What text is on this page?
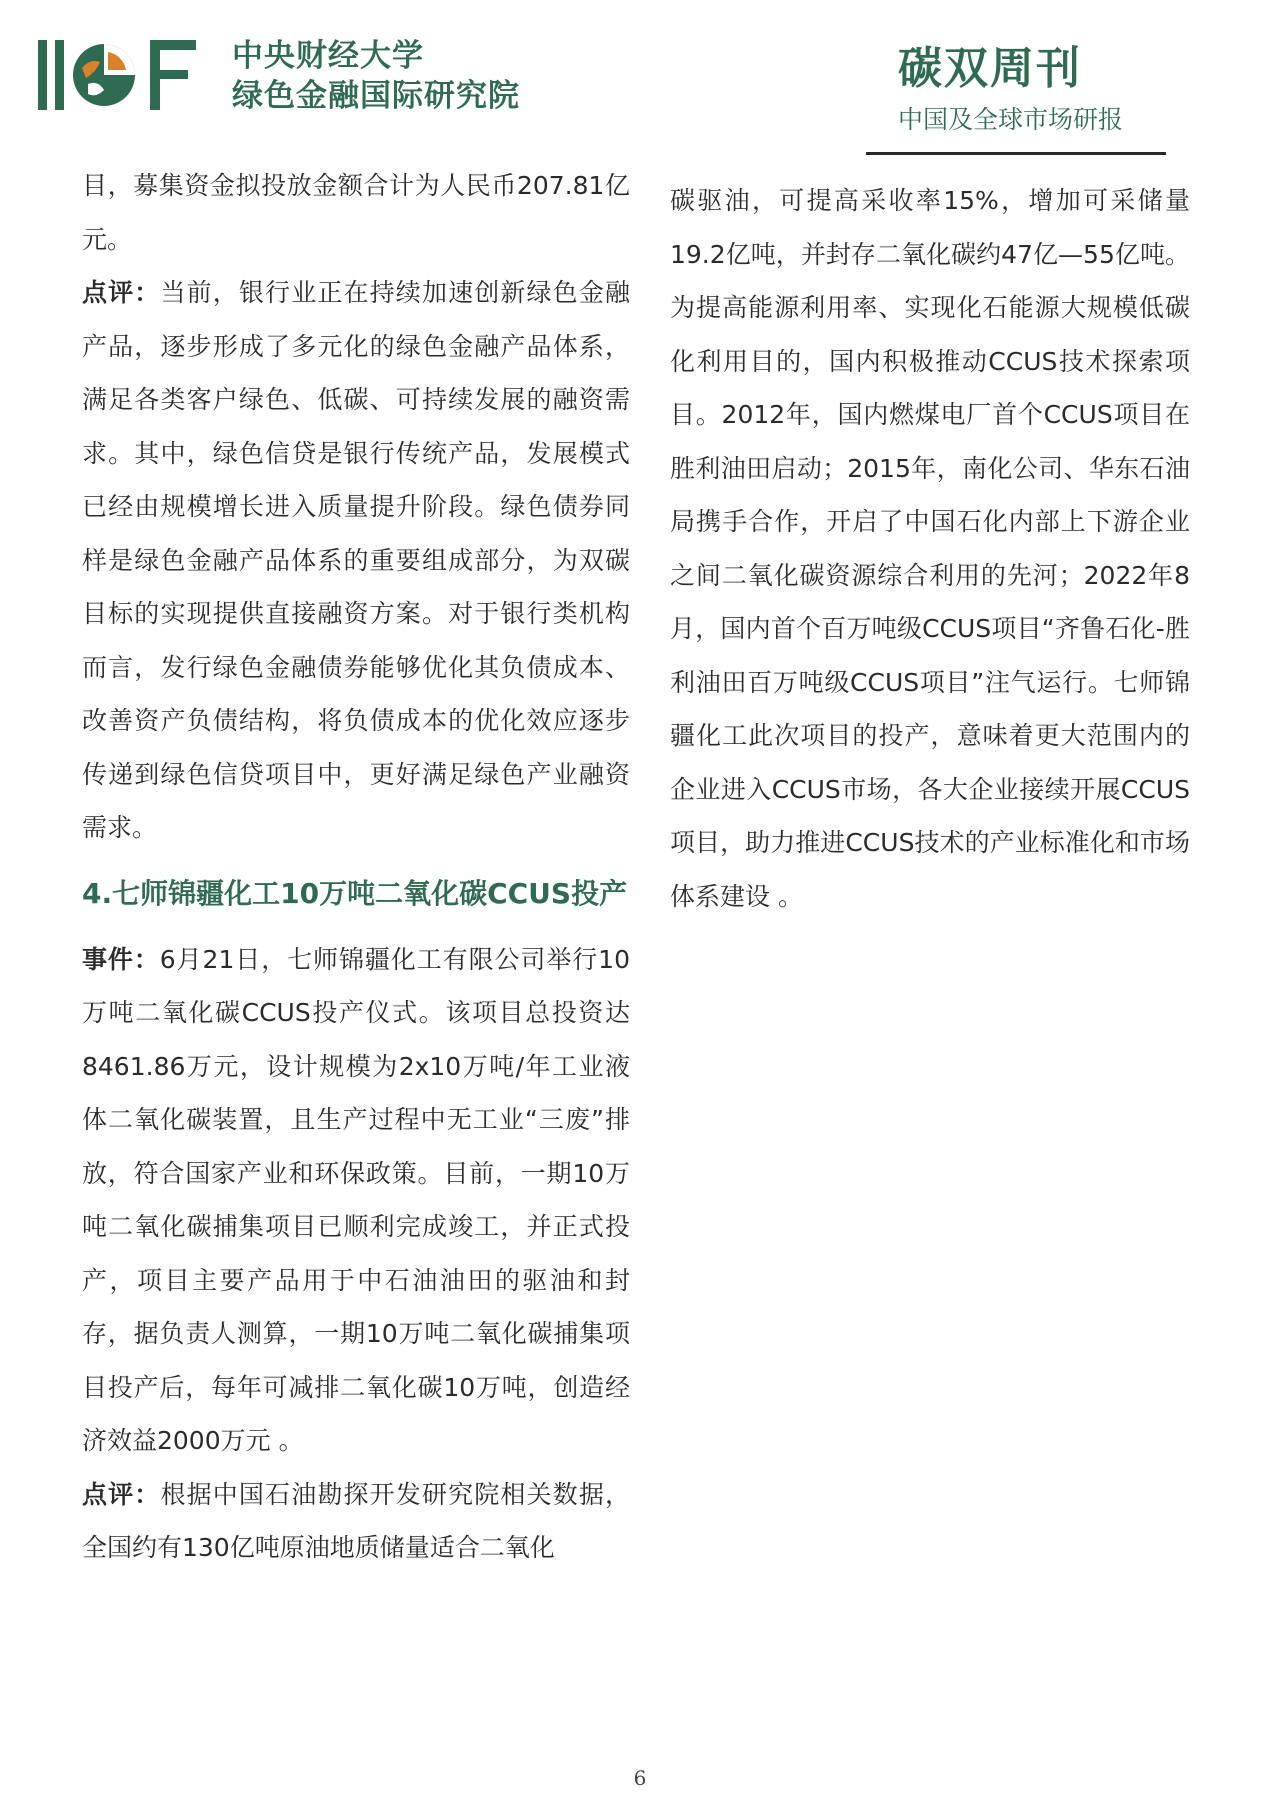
中央财经大学
绿色金融国际研究院
碳双周刊
中国及全球市场研报

目，募集资金拟投放金额合计为人民币207.81亿元。

点评：当前，银行业正在持续加速创新绿色金融产品，逐步形成了多元化的绿色金融产品体系，满足各类客户绿色、低碳、可持续发展的融资需求。其中，绿色信贷是银行传统产品，发展模式已经由规模增长进入质量提升阶段。绿色债券同样是绿色金融产品体系的重要组成部分，为双碳目标的实现提供直接融资方案。对于银行类机构而言，发行绿色金融债券能够优化其负债成本、改善资产负债结构，将负债成本的优化效应逐步传递到绿色信贷项目中，更好满足绿色产业融资需求。

4.七师锦疆化工10万吨二氧化碳CCUS投产

事件：6月21日，七师锦疆化工有限公司举行10万吨二氧化碳CCUS投产仪式。该项目总投资达8461.86万元，设计规模为2x10万吨/年工业液体二氧化碳装置，且生产过程中无工业“三废”排放，符合国家产业和环保政策。目前，一期10万吨二氧化碳捕集项目已顺利完成竣工，并正式投产，项目主要产品用于中石油油田的驱油和封存，据负责人测算，一期10万吨二氧化碳捕集项目投产后，每年可减排二氧化碳10万吨，创造经济效益2000万元 。

点评：根据中国石油勘探开发研究院相关数据，全国约有130亿吨原油地质储量适合二氧化

碳驱油，可提高采收率15%，增加可采储量19.2亿吨，并封存二氧化碳约47亿—55亿吨。为提高能源利用率、实现化石能源大规模低碳化利用目的，国内积极推动CCUS技术探索项目。2012年，国内燃煤电厂首个CCUS项目在胜利油田启动；2015年，南化公司、华东石油局携手合作，开启了中国石化内部上下游企业之间二氧化碳资源综合利用的先河；2022年8月，国内首个百万吨级CCUS项目“齐鲁石化-胜利油田百万吨级CCUS项目”注气运行。七师锦疆化工此次项目的投产，意味着更大范围内的企业进入CCUS市场，各大企业接续开展CCUS项目，助力推进CCUS技术的产业标准化和市场体系建设 。

6
